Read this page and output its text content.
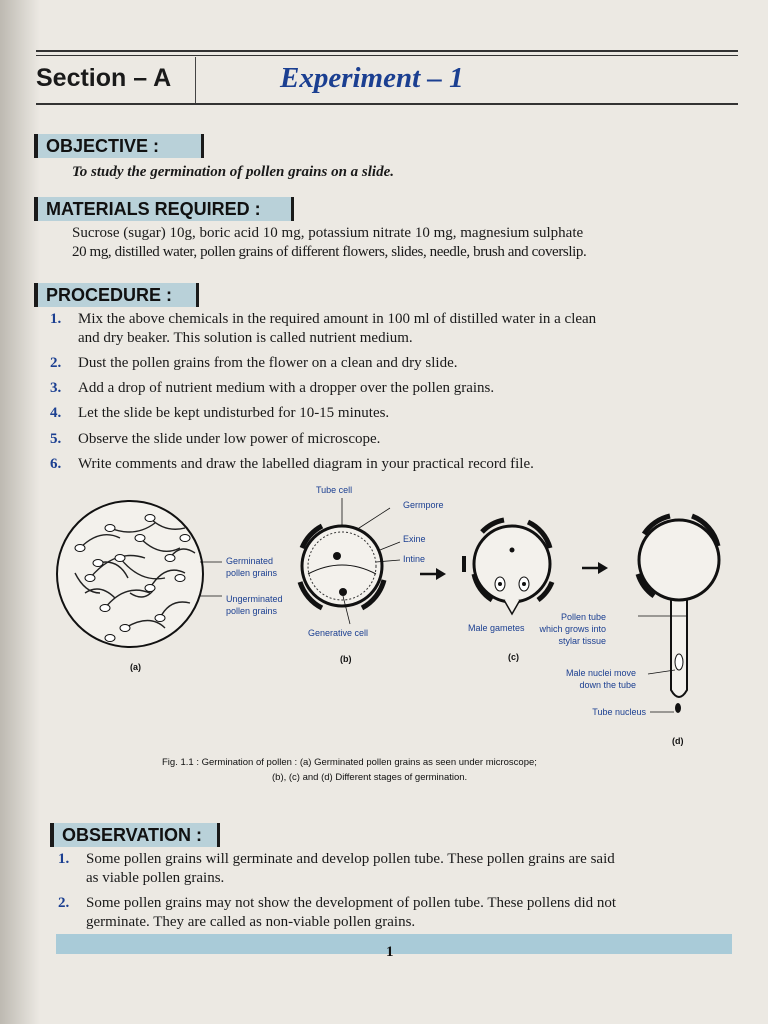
Section – A	Experiment – 1
OBJECTIVE :
To study the germination of pollen grains on a slide.
MATERIALS REQUIRED :
Sucrose (sugar) 10g, boric acid 10 mg, potassium nitrate 10 mg, magnesium sulphate
20 mg, distilled water, pollen grains of different flowers, slides, needle, brush and coverslip.
PROCEDURE :
1. Mix the above chemicals in the required amount in 100 ml of distilled water in a clean
and dry beaker. This solution is called nutrient medium.
2. Dust the pollen grains from the flower on a clean and dry slide.
3. Add a drop of nutrient medium with a dropper over the pollen grains.
4. Let the slide be kept undisturbed for 10-15 minutes.
5. Observe the slide under low power of microscope.
6. Write comments and draw the labelled diagram in your practical record file.
Germinated
pollen grains
Ungerminated
pollen grains
(a)
Tube cell
Germpore
Exine
Intine
Generative cell
(b)
Male gametes
(c)
Pollen tube
which grows into
stylar tissue
Male nuclei move
down the tube
Tube nucleus
(d)
Fig. 1.1 : Germination of pollen : (a) Germinated pollen grains as seen under microscope;
(b), (c) and (d) Different stages of germination.
OBSERVATION :
1. Some pollen grains will germinate and develop pollen tube. These pollen grains are said
as viable pollen grains.
2. Some pollen grains may not show the development of pollen tube. These pollens did not
germinate. They are called as non-viable pollen grains.
1
